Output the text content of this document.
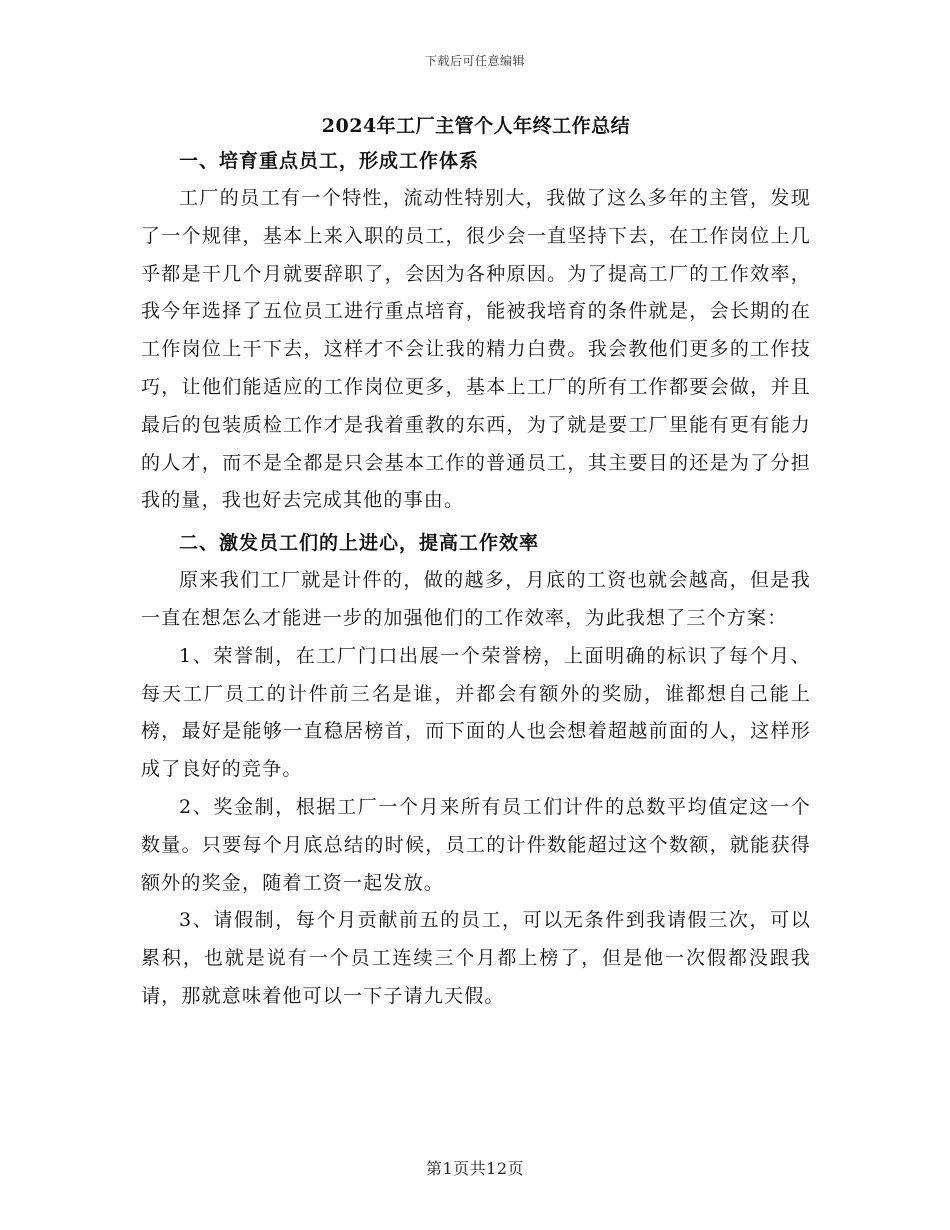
下载后可任意编辑
2024年工厂主管个人年终工作总结
一、培育重点员工，形成工作体系

工厂的员工有一个特性，流动性特别大，我做了这么多年的主管，发现了一个规律，基本上来入职的员工，很少会一直坚持下去，在工作岗位上几乎都是干几个月就要辞职了，会因为各种原因。为了提高工厂的工作效率，我今年选择了五位员工进行重点培育，能被我培育的条件就是，会长期的在工作岗位上干下去，这样才不会让我的精力白费。我会教他们更多的工作技巧，让他们能适应的工作岗位更多，基本上工厂的所有工作都要会做，并且最后的包装质检工作才是我着重教的东西，为了就是要工厂里能有更有能力的人才，而不是全都是只会基本工作的普通员工，其主要目的还是为了分担我的量，我也好去完成其他的事由。

二、激发员工们的上进心，提高工作效率

原来我们工厂就是计件的，做的越多，月底的工资也就会越高，但是我一直在想怎么才能进一步的加强他们的工作效率，为此我想了三个方案：

1、荣誉制，在工厂门口出展一个荣誉榜，上面明确的标识了每个月、每天工厂员工的计件前三名是谁，并都会有额外的奖励，谁都想自己能上榜，最好是能够一直稳居榜首，而下面的人也会想着超越前面的人，这样形成了良好的竞争。

2、奖金制，根据工厂一个月来所有员工们计件的总数平均值定这一个数量。只要每个月底总结的时候，员工的计件数能超过这个数额，就能获得额外的奖金，随着工资一起发放。

3、请假制，每个月贡献前五的员工，可以无条件到我请假三次，可以累积，也就是说有一个员工连续三个月都上榜了，但是他一次假都没跟我请，那就意味着他可以一下子请九天假。

第1页共12页
